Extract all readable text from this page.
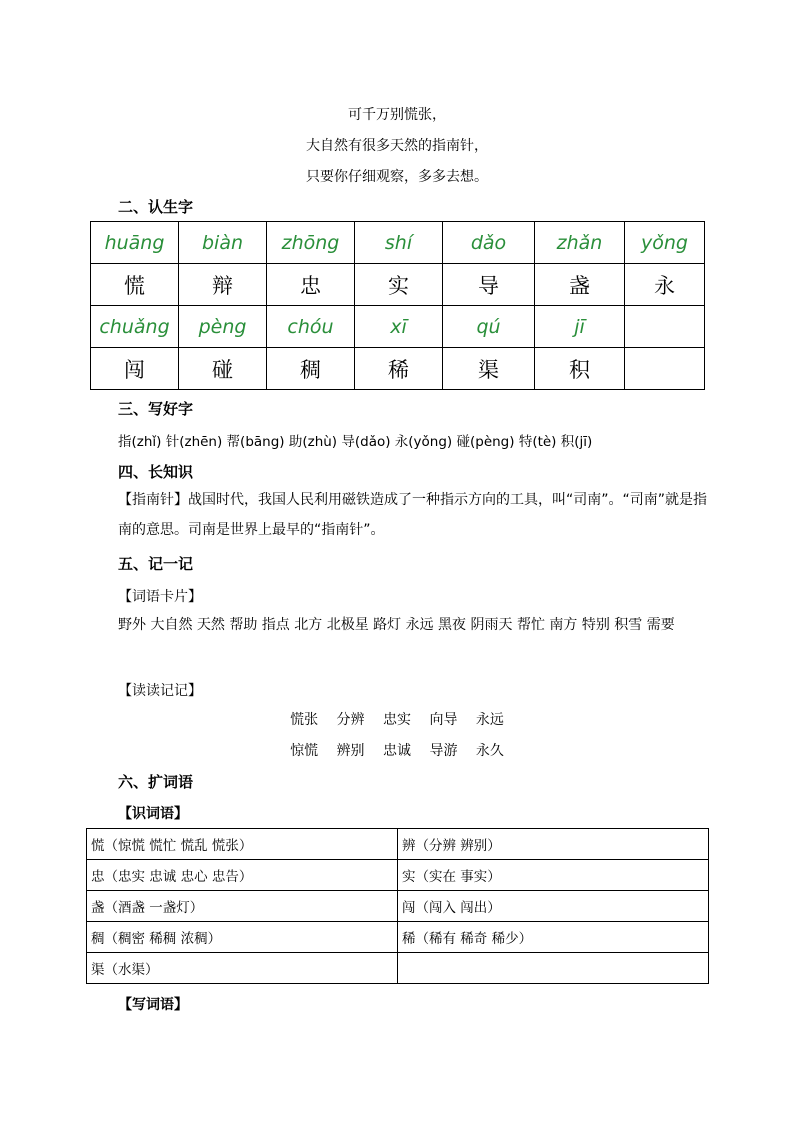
可千万别慌张，
大自然有很多天然的指南针，
只要你仔细观察，多多去想。
二、认生字
huāng	biàn	zhōng	shí	dǎo	zhǎn	yǒng
慌	辩	忠	实	导	盏	永
chuǎng	pèng	chóu	xī	qú	jī	
闯	碰	稠	稀	渠	积	
三、写好字
指(zhǐ) 针(zhēn) 帮(bāng) 助(zhù) 导(dǎo) 永(yǒng) 碰(pèng) 特(tè) 积(jī)
四、长知识
【指南针】战国时代，我国人民利用磁铁造成了一种指示方向的工具，叫“司南”。“司南”就是指南的意思。司南是世界上最早的“指南针”。
五、记一记
【词语卡片】
野外 大自然 天然 帮助 指点 北方 北极星 路灯 永远 黑夜 阴雨天 帮忙 南方 特别 积雪 需要
【读读记记】
慌张 分辨 忠实 向导 永远
惊慌 辨别 忠诚 导游 永久
六、扩词语
【识词语】
慌（惊慌 慌忙 慌乱 慌张）	辨（分辨 辨别）
忠（忠实 忠诚 忠心 忠告）	实（实在 事实）
盏（酒盏 一盏灯）	闯（闯入 闯出）
稠（稠密 稀稠 浓稠）	稀（稀有 稀奇 稀少）
渠（水渠）	
【写词语】
